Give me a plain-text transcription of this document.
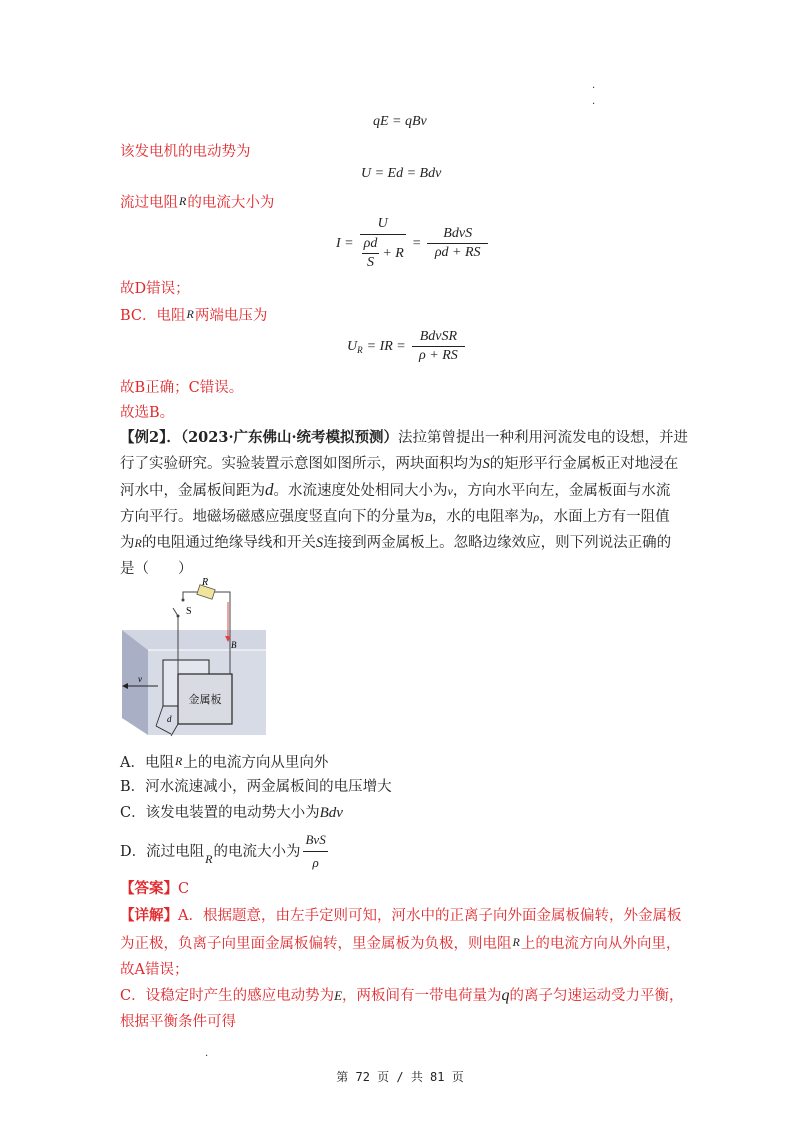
.
.
qE = qBv
该发电机的电动势为
U = Ed = Bdv
流过电阻R的电流大小为
$I = \frac{U}{\frac{\rho d}{S} + R} = \frac{\text{BdvS}}{\rho d + RS}$
故D错误；
BC．电阻R两端电压为
$U_R$ = IR = $\frac{\text{BdvSR}}{\rho + RS}$
故B正确；C错误。
故选B。
【例2】．（2023·广东佛山·统考模拟预测）法拉第曾提出一种利用河流发电的设想，并进
行了实验研究。实验装置示意图如图所示，两块面积均为S的矩形平行金属板正对地浸在
河水中，金属板间距为d。水流速度处处相同大小为v，方向水平向左，金属板面与水流
方向平行。地磁场磁感应强度竖直向下的分量为B，水的电阻率为ρ，水面上方有一阻值
为R的电阻通过绝缘导线和开关S连接到两金属板上。忽略边缘效应，则下列说法正确的
是（　　）
金属板
R
S
B
v
d
A．电阻R上的电流方向从里向外
B．河水流速减小，两金属板间的电压增大
C．该发电装置的电动势大小为Bdv
D．流过电阻 R 的电流大小为 $\frac{\text{BvS}}{\rho}$
【答案】C
【详解】A．根据题意，由左手定则可知，河水中的正离子向外面金属板偏转，外金属板
为正极，负离子向里面金属板偏转，里金属板为负极，则电阻R上的电流方向从外向里，
故A错误；
C．设稳定时产生的感应电动势为E，两板间有一带电荷量为q的离子匀速运动受力平衡，
根据平衡条件可得
.
第 72 页 / 共 81 页
